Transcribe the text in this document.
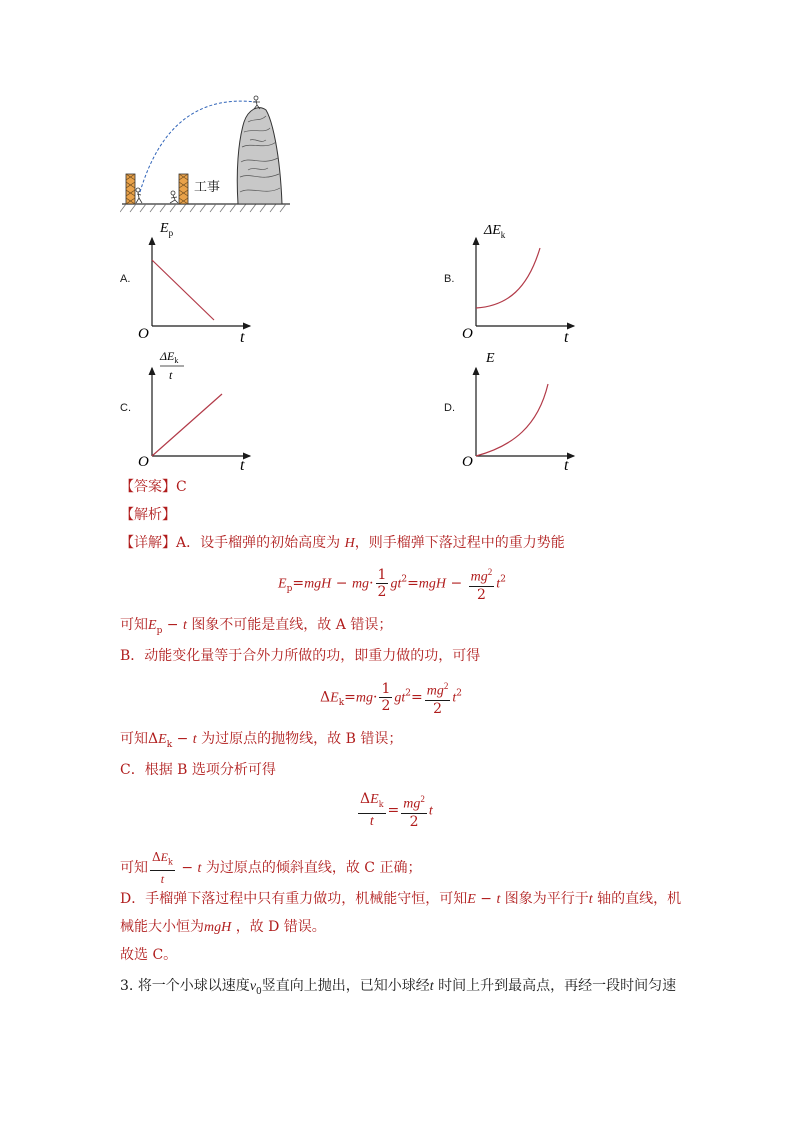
工事
A.
$E_p$
O	t
B.
$\Delta E_k$
O	t
C.
$\Delta E_k$
t
O	t
D.
E
O	t
【答案】C
【解析】
【详解】A．设手榴弹的初始高度为 H，则手榴弹下落过程中的重力势能
$E_p=mgH - mg\cdot \frac{1}{2} gt^2=mgH - \frac{mg^2}{2} t^2$
可知$E_p - t$ 图象不可能是直线，故 A 错误；
B．动能变化量等于合外力所做的功，即重力做的功，可得
$\Delta E_k=mg\cdot \frac{1}{2} gt^2= \frac{mg^2}{2} t^2$
可知$\Delta E_k - t$ 为过原点的抛物线，故 B 错误；
C．根据 B 选项分析可得
$\frac{\Delta E_k}{t} = \frac{mg^2}{2}$ t
可知 $\frac{\Delta E_k}{t} - t$ 为过原点的倾斜直线，故 C 正确；
D．手榴弹下落过程中只有重力做功，机械能守恒，可知E − t 图象为平行于t 轴的直线，机
械能大小恒为mgH ，故 D 错误。
故选 C。
3. 将一个小球以速度$v_0$竖直向上抛出，已知小球经t 时间上升到最高点，再经一段时间匀速
